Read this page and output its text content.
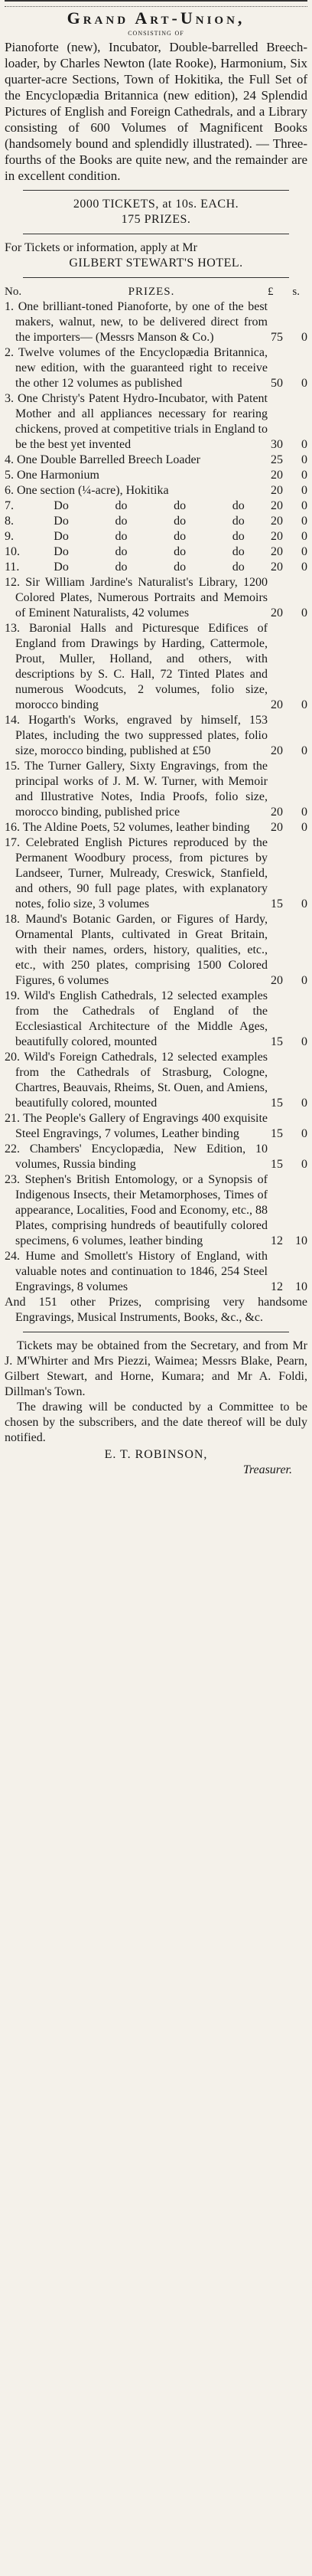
Grand Art-Union,
consisting of

Pianoforte (new), Incubator, Double-barrelled Breech-loader, by Charles Newton (late Rooke), Harmonium, Six quarter-acre Sections, Town of Hokitika, the Full Set of the Encyclopædia Britannica (new edition), 24 Splendid Pictures of English and Foreign Cathedrals, and a Library consisting of 600 Volumes of Magnificent Books (handsomely bound and splendidly illustrated). — Three-fourths of the Books are quite new, and the remainder are in excellent condition.

2000 TICKETS, at 10s. EACH.

175 PRIZES.

For Tickets or information, apply at Mr

GILBERT STEWART'S HOTEL.

No.	PRIZES.	£ s.
1. One brilliant-toned Pianoforte, by one of the best makers, walnut, new, to be delivered direct from the importers— (Messrs Manson & Co.)	75 0
2. Twelve volumes of the Encyclopædia Britannica, new edition, with the guaranteed right to receive the other 12 volumes as published	50 0
3. One Christy's Patent Hydro-Incubator, with Patent Mother and all appliances necessary for rearing chickens, proved at competitive trials in England to be the best yet invented	30 0
4. One Double Barrelled Breech Loader	25 0
5. One Harmonium	20 0
6. One section (¼-acre), Hokitika	20 0
7.	Do	do	do	do 20 0
8.	Do	do	do	do 20 0
9.	Do	do	do	do 20 0
10.	Do	do	do	do 20 0
11.	Do	do	do	do 20 0
12. Sir William Jardine's Naturalist's Library, 1200 Colored Plates, Numerous Portraits and Memoirs of Eminent Naturalists, 42 volumes	20 0
13. Baronial Halls and Picturesque Edifices of England from Drawings by Harding, Cattermole, Prout, Muller, Holland, and others, with descriptions by S. C. Hall, 72 Tinted Plates and numerous Woodcuts, 2 volumes, folio size, morocco binding	20 0
14. Hogarth's Works, engraved by himself, 153 Plates, including the two suppressed plates, folio size, morocco binding, published at £50	20 0
15. The Turner Gallery, Sixty Engravings, from the principal works of J. M. W. Turner, with Memoir and Illustrative Notes, India Proofs, folio size, morocco binding, published price	20 0
16. The Aldine Poets, 52 volumes, leather binding	20 0
17. Celebrated English Pictures reproduced by the Permanent Woodbury process, from pictures by Landseer, Turner, Mulready, Creswick, Stanfield, and others, 90 full page plates, with explanatory notes, folio size, 3 volumes	15 0
18. Maund's Botanic Garden, or Figures of Hardy, Ornamental Plants, cultivated in Great Britain, with their names, orders, history, qualities, etc., etc., with 250 plates, comprising 1500 Colored Figures, 6 volumes	20 0
19. Wild's English Cathedrals, 12 selected examples from the Cathedrals of England of the Ecclesiastical Architecture of the Middle Ages, beautifully colored, mounted	15 0
20. Wild's Foreign Cathedrals, 12 selected examples from the Cathedrals of Strasburg, Cologne, Chartres, Beauvais, Rheims, St. Ouen, and Amiens, beautifully colored, mounted	15 0
21. The People's Gallery of Engravings 400 exquisite Steel Engravings, 7 volumes, Leather binding	15 0
22. Chambers' Encyclopædia, New Edition, 10 volumes, Russia binding	15 0
23. Stephen's British Entomology, or a Synopsis of Indigenous Insects, their Metamorphoses, Times of appearance, Localities, Food and Economy, etc., 88 Plates, comprising hundreds of beautifully colored specimens, 6 volumes, leather binding	12 10
24. Hume and Smollett's History of England, with valuable notes and continuation to 1846, 254 Steel Engravings, 8 volumes	12 10

And 151 other Prizes, comprising very handsome Engravings, Musical Instruments, Books, &c., &c.

Tickets may be obtained from the Secretary, and from Mr J. M'Whirter and Mrs Piezzi, Waimea; Messrs Blake, Pearn, Gilbert Stewart, and Horne, Kumara; and Mr A. Foldi, Dillman's Town.

The drawing will be conducted by a Committee to be chosen by the subscribers, and the date thereof will be duly notified.

E. T. ROBINSON,

Treasurer.
